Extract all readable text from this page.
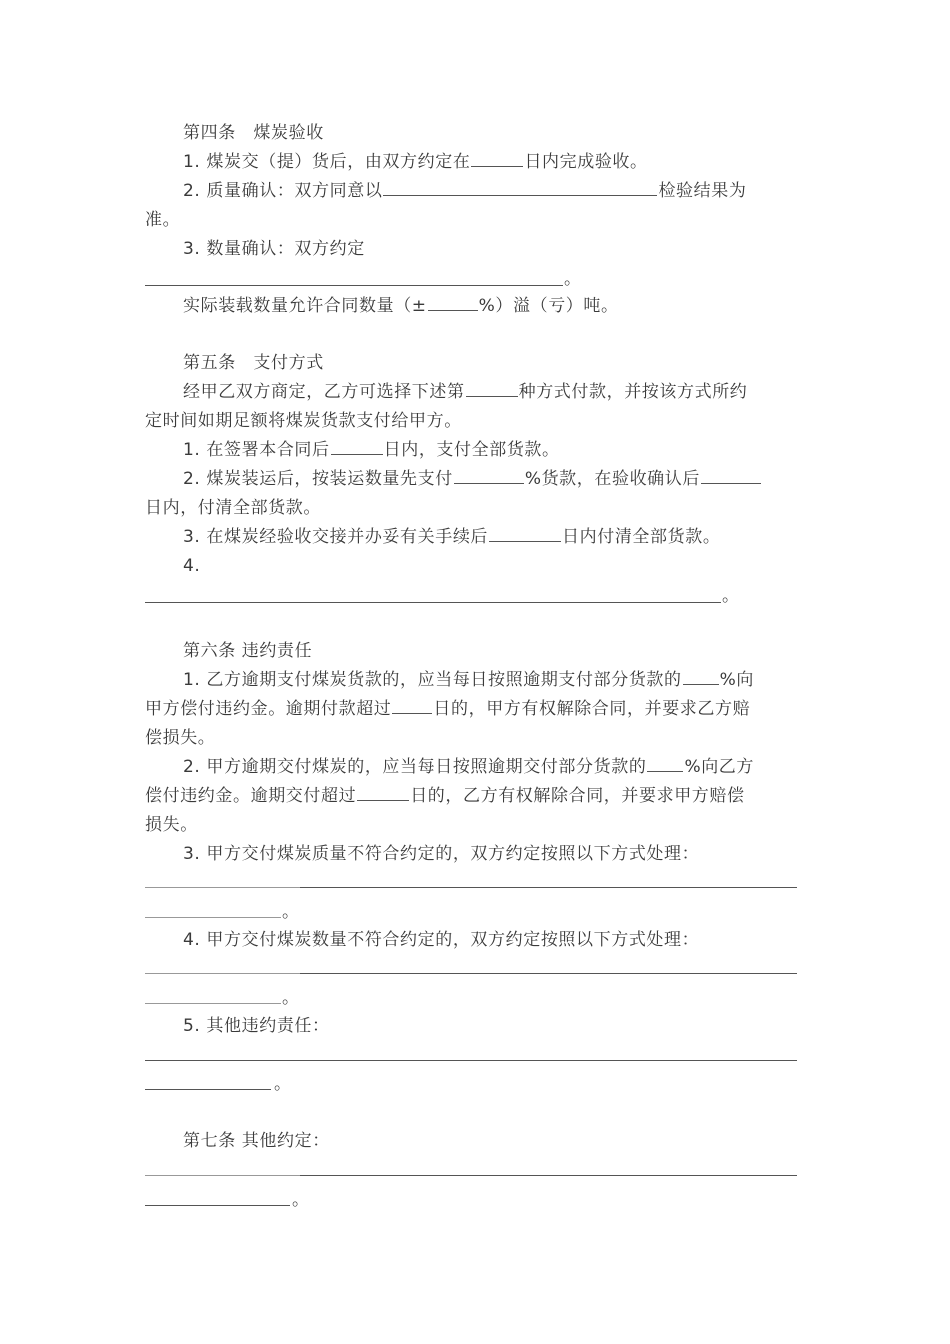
第四条　煤炭验收
1. 煤炭交（提）货后，由双方约定在	日内完成验收。
2. 质量确认：双方同意以	检验结果为
准。
3. 数量确认：双方约定
。
实际装载数量允许合同数量（±	%）溢（亏）吨。
第五条　支付方式
经甲乙双方商定，乙方可选择下述第	种方式付款，并按该方式所约
定时间如期足额将煤炭货款支付给甲方。
1. 在签署本合同后	日内，支付全部货款。
2. 煤炭装运后，按装运数量先支付	%货款，在验收确认后
日内，付清全部货款。
3. 在煤炭经验收交接并办妥有关手续后	日内付清全部货款。
4.
。
第六条 违约责任
1. 乙方逾期支付煤炭货款的，应当每日按照逾期支付部分货款的 %向
甲方偿付违约金。逾期付款超过 日的，甲方有权解除合同，并要求乙方赔
偿损失。
2. 甲方逾期交付煤炭的，应当每日按照逾期交付部分货款的 %向乙方
偿付违约金。逾期交付超过	日的，乙方有权解除合同，并要求甲方赔偿
损失。
3. 甲方交付煤炭质量不符合约定的，双方约定按照以下方式处理：
。
4. 甲方交付煤炭数量不符合约定的，双方约定按照以下方式处理：
。
5. 其他违约责任：
。
第七条 其他约定：
。
